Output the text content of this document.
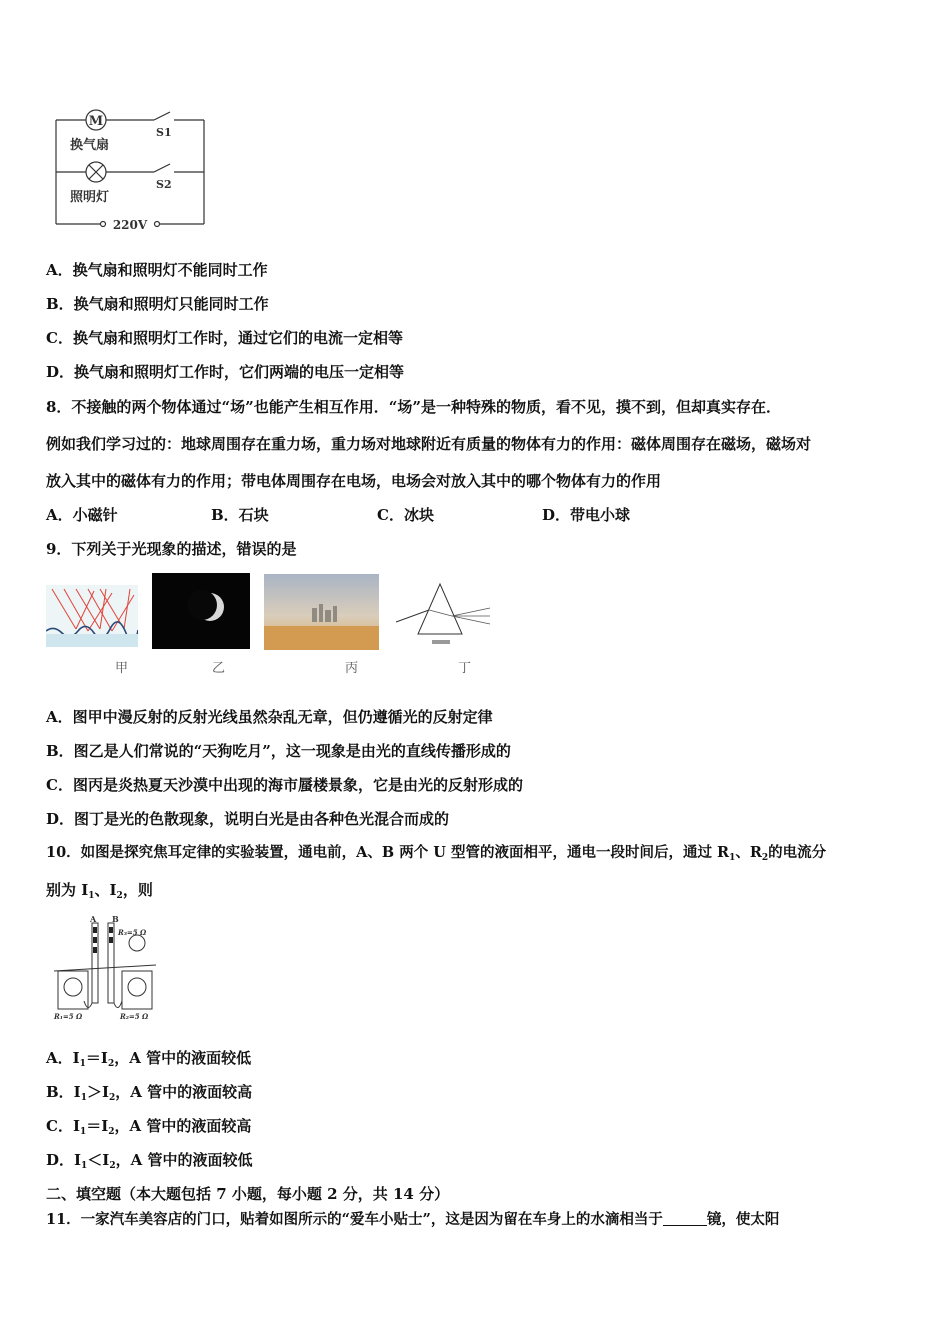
M
换气扇
照明灯
S1
S2
220V
A．换气扇和照明灯不能同时工作
B．换气扇和照明灯只能同时工作
C．换气扇和照明灯工作时，通过它们的电流一定相等
D．换气扇和照明灯工作时，它们两端的电压一定相等
8．不接触的两个物体通过“场”也能产生相互作用．“场”是一种特殊的物质，看不见，摸不到，但却真实存在．
例如我们学习过的：地球周围存在重力场，重力场对地球附近有质量的物体有力的作用：磁体周围存在磁场，磁场对
放入其中的磁体有力的作用；带电体周围存在电场，电场会对放入其中的哪个物体有力的作用
A．小磁针	B．石块	C．冰块	D．带电小球
9．下列关于光现象的描述，错误的是
甲	乙	丙	丁
A．图甲中漫反射的反射光线虽然杂乱无章，但仍遵循光的反射定律
B．图乙是人们常说的“天狗吃月”，这一现象是由光的直线传播形成的
C．图丙是炎热夏天沙漠中出现的海市蜃楼景象，它是由光的反射形成的
D．图丁是光的色散现象，说明白光是由各种色光混合而成的
10．如图是探究焦耳定律的实验装置，通电前，A、B 两个 U 型管的液面相平，通电一段时间后，通过 $R_1$、$R_2$的电流分
别为 $I_1$、$I_2$，则
A B
R₃=5 Ω
R₁=5 Ω	R₂=5 Ω
A．$I_1=I_2$，A 管中的液面较低
B．$I_1>I_2$，A 管中的液面较高
C．$I_1=I_2$，A 管中的液面较高
D．$I_1<I_2$，A 管中的液面较低
二、填空题（本大题包括 7 小题，每小题 2 分，共 14 分）
11．一家汽车美容店的门口，贴着如图所示的“爱车小贴士”，这是因为留在车身上的水滴相当于	镜，使太阳
